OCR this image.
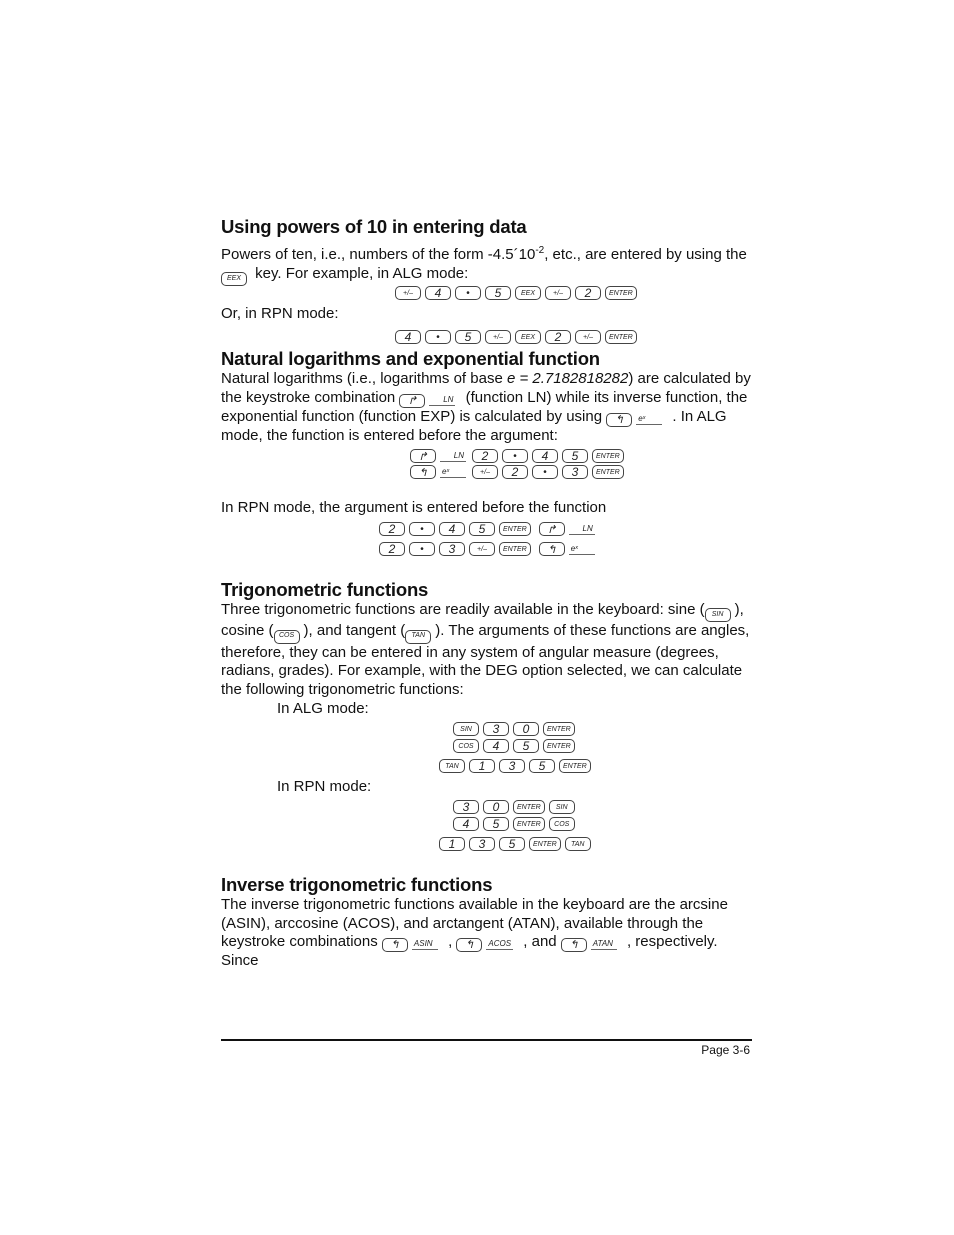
Using powers of 10 in entering data

Powers of ten, i.e., numbers of the form $-4.5´10^{-2}$, etc., are entered by using the
EEX key. For example, in ALG mode:

+/–	4	•	5	EEX	+/–	2	ENTER

Or, in RPN mode:

4	•	5	+/–	EEX	2	+/–	ENTER
Natural logarithms and exponential function

Natural logarithms (i.e., logarithms of base e = 2.7182818282) are calculated by the keystroke combination ↱	LN (function LN) while its inverse function, the exponential function (function EXP) is calculated by using ↰ eˣ . In ALG mode, the function is entered before the argument:

↱	LN	2	•	4	5	ENTER
↰	eˣ	+/–	2	•	3	ENTER

In RPN mode, the argument is entered before the function

2	•	4	5	ENTER	↱	LN
2	•	3	+/–	ENTER	↰	eˣ
Trigonometric functions

Three trigonometric functions are readily available in the keyboard: sine ( SIN ), cosine ( COS ), and tangent ( TAN ). The arguments of these functions are angles, therefore, they can be entered in any system of angular measure (degrees, radians, grades). For example, with the DEG option selected, we can calculate the following trigonometric functions:

In ALG mode:

SIN	3	0	ENTER
COS	4	5	ENTER
TAN	1	3	5	ENTER

In RPN mode:

3	0	ENTER	SIN
4	5	ENTER	COS
1	3	5	ENTER	TAN
Inverse trigonometric functions

The inverse trigonometric functions available in the keyboard are the arcsine (ASIN), arccosine (ACOS), and arctangent (ATAN), available through the keystroke combinations ↰ ASIN , ↰ ACOS , and ↰ ATAN , respectively. Since

Page 3-6
